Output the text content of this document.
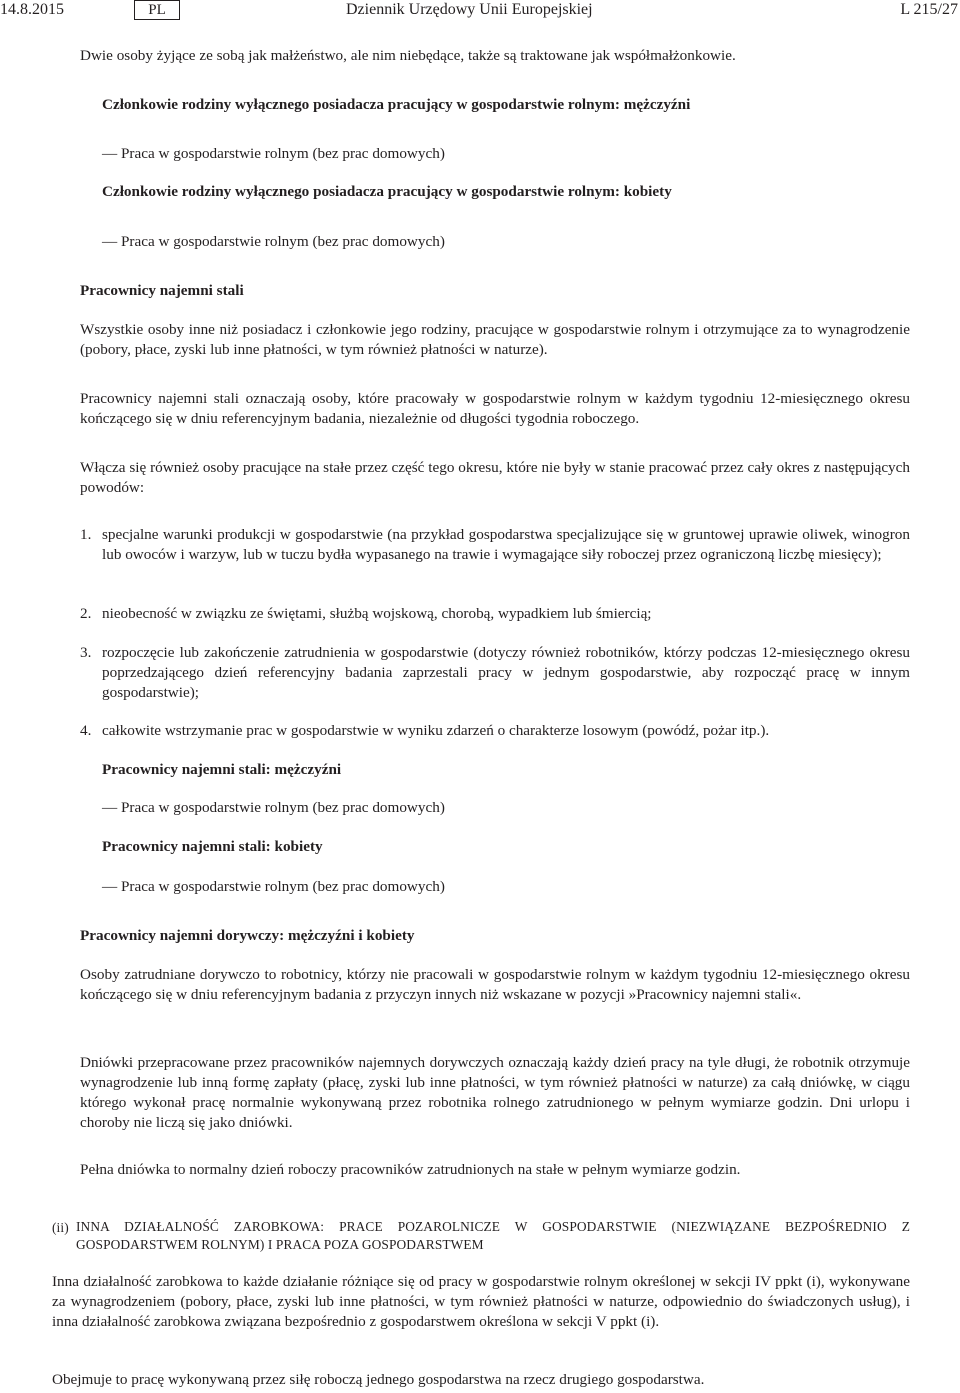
14.8.2015	PL	Dziennik Urzędowy Unii Europejskiej	L 215/27

Dwie osoby żyjące ze sobą jak małżeństwo, ale nim niebędące, także są traktowane jak współmałżonkowie.

Członkowie rodziny wyłącznego posiadacza pracujący w gospodarstwie rolnym: mężczyźni

— Praca w gospodarstwie rolnym (bez prac domowych)

Członkowie rodziny wyłącznego posiadacza pracujący w gospodarstwie rolnym: kobiety

— Praca w gospodarstwie rolnym (bez prac domowych)

Pracownicy najemni stali

Wszystkie osoby inne niż posiadacz i członkowie jego rodziny, pracujące w gospodarstwie rolnym i otrzymujące za to wynagrodzenie (pobory, płace, zyski lub inne płatności, w tym również płatności w naturze).

Pracownicy najemni stali oznaczają osoby, które pracowały w gospodarstwie rolnym w każdym tygodniu 12-miesięcznego okresu kończącego się w dniu referencyjnym badania, niezależnie od długości tygodnia roboczego.

Włącza się również osoby pracujące na stałe przez część tego okresu, które nie były w stanie pracować przez cały okres z następujących powodów:

1. specjalne warunki produkcji w gospodarstwie (na przykład gospodarstwa specjalizujące się w gruntowej uprawie oliwek, winogron lub owoców i warzyw, lub w tuczu bydła wypasanego na trawie i wymagające siły roboczej przez ograniczoną liczbę miesięcy);

2. nieobecność w związku ze świętami, służbą wojskową, chorobą, wypadkiem lub śmiercią;

3. rozpoczęcie lub zakończenie zatrudnienia w gospodarstwie (dotyczy również robotników, którzy podczas 12-miesięcznego okresu poprzedzającego dzień referencyjny badania zaprzestali pracy w jednym gospodarstwie, aby rozpocząć pracę w innym gospodarstwie);

4. całkowite wstrzymanie prac w gospodarstwie w wyniku zdarzeń o charakterze losowym (powódź, pożar itp.).

Pracownicy najemni stali: mężczyźni

— Praca w gospodarstwie rolnym (bez prac domowych)

Pracownicy najemni stali: kobiety

— Praca w gospodarstwie rolnym (bez prac domowych)

Pracownicy najemni dorywczy: mężczyźni i kobiety

Osoby zatrudniane dorywczo to robotnicy, którzy nie pracowali w gospodarstwie rolnym w każdym tygodniu 12-miesięcznego okresu kończącego się w dniu referencyjnym badania z przyczyn innych niż wskazane w pozycji »Pracownicy najemni stali«.

Dniówki przepracowane przez pracowników najemnych dorywczych oznaczają każdy dzień pracy na tyle długi, że robotnik otrzymuje wynagrodzenie lub inną formę zapłaty (płacę, zyski lub inne płatności, w tym również płatności w naturze) za całą dniówkę, w ciągu którego wykonał pracę normalnie wykonywaną przez robotnika rolnego zatrudnionego w pełnym wymiarze godzin. Dni urlopu i choroby nie liczą się jako dniówki.

Pełna dniówka to normalny dzień roboczy pracowników zatrudnionych na stałe w pełnym wymiarze godzin.

(ii) INNA DZIAŁALNOŚĆ ZAROBKOWA: PRACE POZAROLNICZE W GOSPODARSTWIE (NIEZWIĄZANE BEZPOŚREDNIO Z GOSPODARSTWEM ROLNYM) I PRACA POZA GOSPODARSTWEM

Inna działalność zarobkowa to każde działanie różniące się od pracy w gospodarstwie rolnym określonej w sekcji IV ppkt (i), wykonywane za wynagrodzeniem (pobory, płace, zyski lub inne płatności, w tym również płatności w naturze, odpowiednio do świadczonych usług), i inna działalność zarobkowa związana bezpośrednio z gospodarstwem określona w sekcji V ppkt (i).

Obejmuje to pracę wykonywaną przez siłę roboczą jednego gospodarstwa na rzecz drugiego gospodarstwa.
